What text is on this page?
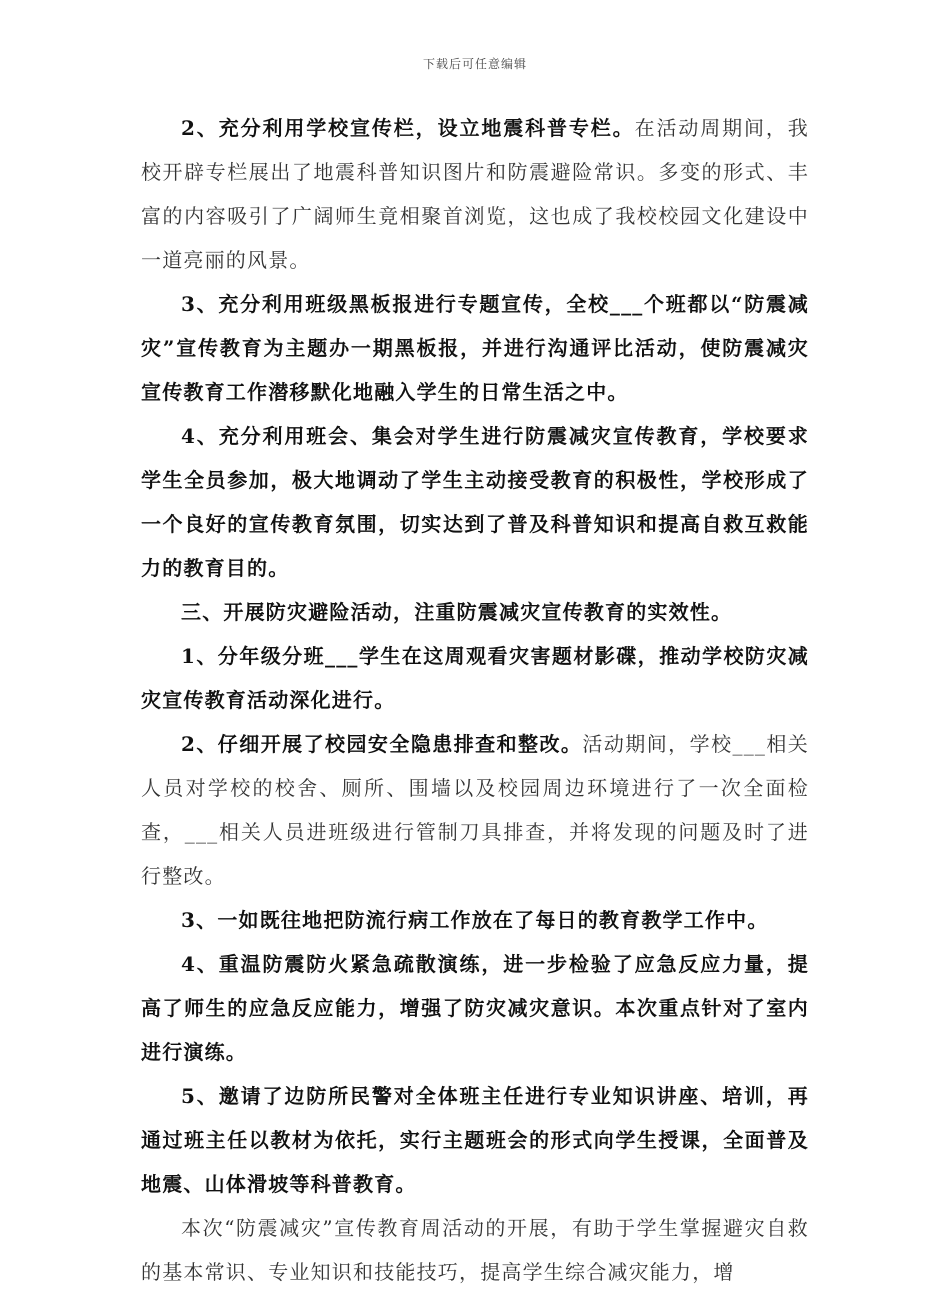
下载后可任意编辑

2、充分利用学校宣传栏，设立地震科普专栏。在活动周期间，我校开辟专栏展出了地震科普知识图片和防震避险常识。多变的形式、丰富的内容吸引了广阔师生竟相聚首浏览，这也成了我校校园文化建设中一道亮丽的风景。

3、充分利用班级黑板报进行专题宣传，全校___个班都以“防震减灾”宣传教育为主题办一期黑板报，并进行沟通评比活动，使防震减灾宣传教育工作潜移默化地融入学生的日常生活之中。

4、充分利用班会、集会对学生进行防震减灾宣传教育，学校要求学生全员参加，极大地调动了学生主动接受教育的积极性，学校形成了一个良好的宣传教育氛围，切实达到了普及科普知识和提高自救互救能力的教育目的。

三、开展防灾避险活动，注重防震减灾宣传教育的实效性。

1、分年级分班___学生在这周观看灾害题材影碟，推动学校防灾减灾宣传教育活动深化进行。

2、仔细开展了校园安全隐患排查和整改。活动期间，学校___相关人员对学校的校舍、厕所、围墙以及校园周边环境进行了一次全面检查，___相关人员进班级进行管制刀具排查，并将发现的问题及时了进行整改。

3、一如既往地把防流行病工作放在了每日的教育教学工作中。

4、重温防震防火紧急疏散演练，进一步检验了应急反应力量，提高了师生的应急反应能力，增强了防灾减灾意识。本次重点针对了室内进行演练。

5、邀请了边防所民警对全体班主任进行专业知识讲座、培训，再通过班主任以教材为依托，实行主题班会的形式向学生授课，全面普及地震、山体滑坡等科普教育。

本次“防震减灾”宣传教育周活动的开展，有助于学生掌握避灾自救的基本常识、专业知识和技能技巧，提高学生综合减灾能力，增
